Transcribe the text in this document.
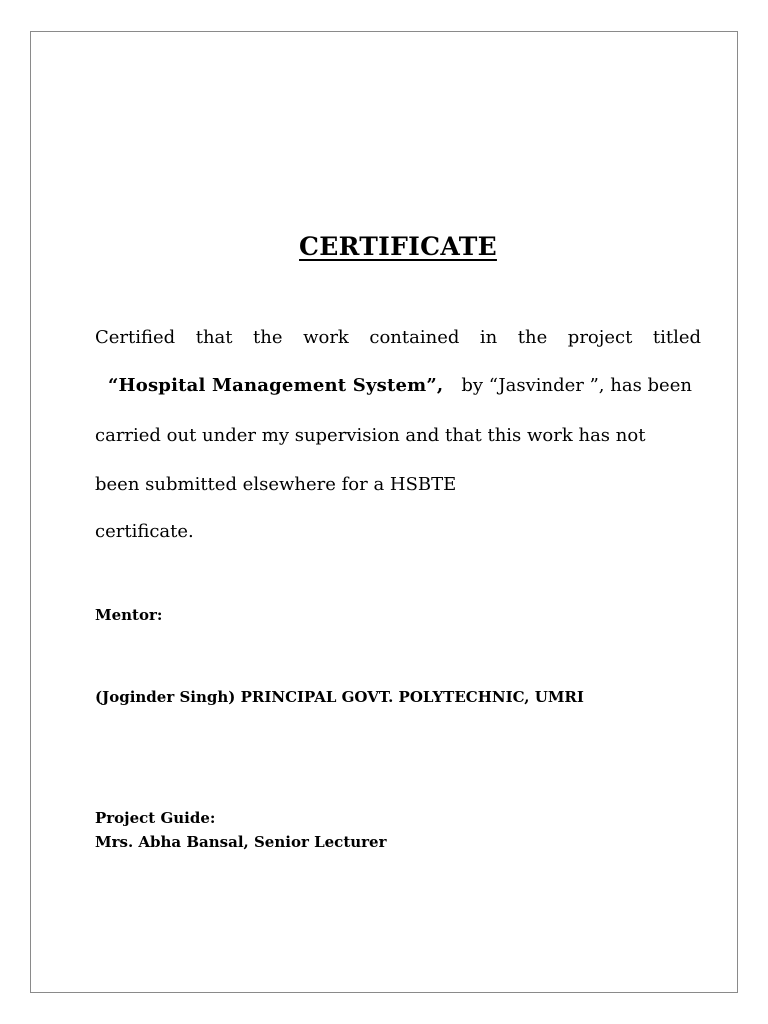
CERTIFICATE
Certified that the work contained in the project titled
“Hospital Management System”, by “Jasvinder ”, has been
carried out under my supervision and that this work has not
been submitted elsewhere for a HSBTE
certificate.
Mentor:
(Joginder Singh) PRINCIPAL GOVT. POLYTECHNIC, UMRI
Project Guide:
Mrs. Abha Bansal, Senior Lecturer
